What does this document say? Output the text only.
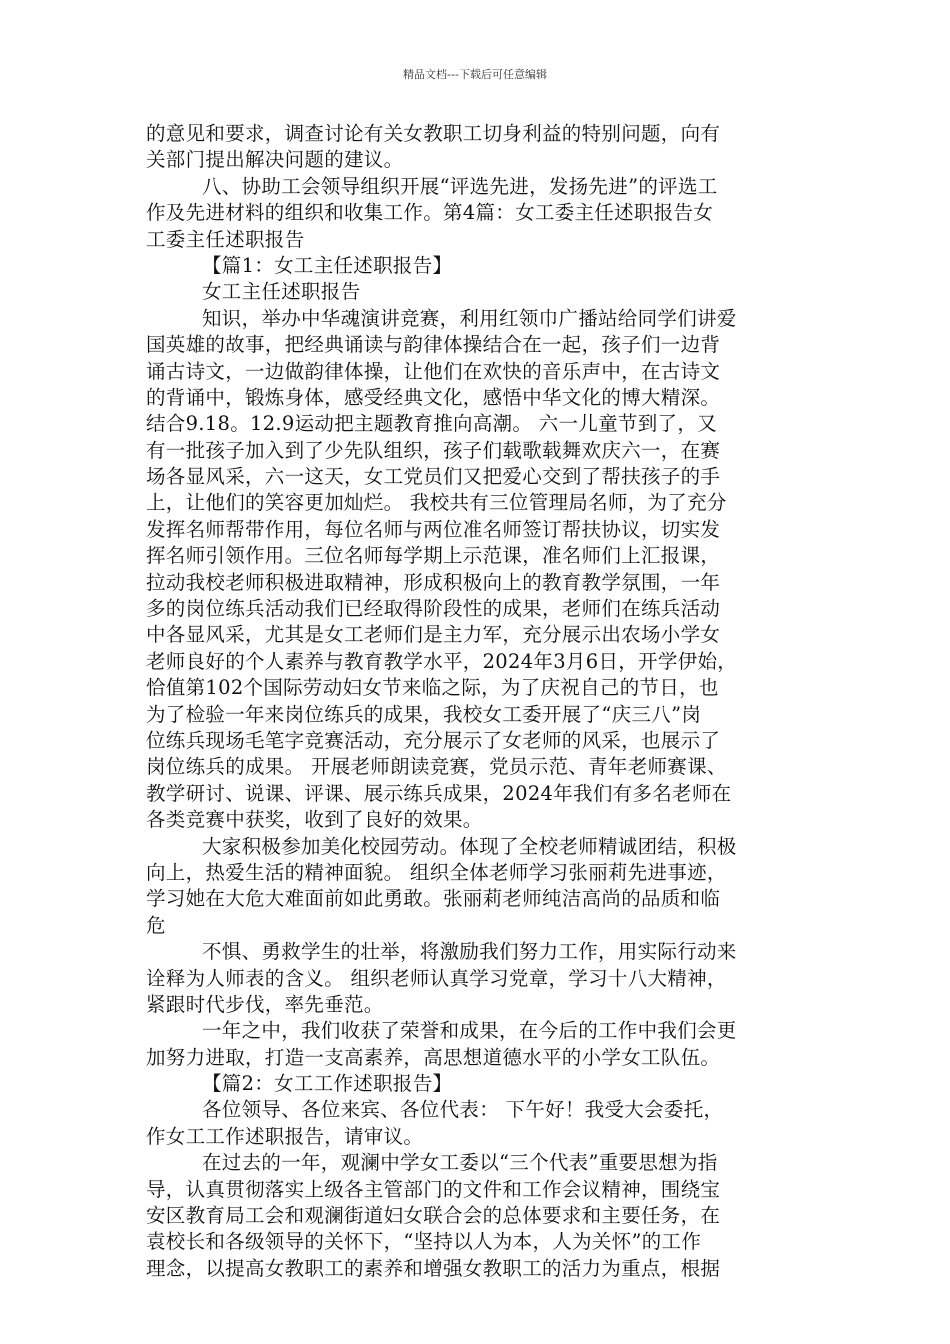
精品文档---下载后可任意编辑
的意见和要求，调查讨论有关女教职工切身利益的特别问题，向有
关部门提出解决问题的建议。
八、协助工会领导组织开展“评选先进，发扬先进”的评选工
作及先进材料的组织和收集工作。第4篇：女工委主任述职报告女
工委主任述职报告
【篇1：女工主任述职报告】
女工主任述职报告
知识，举办中华魂演讲竞赛，利用红领巾广播站给同学们讲爱
国英雄的故事，把经典诵读与韵律体操结合在一起，孩子们一边背
诵古诗文，一边做韵律体操，让他们在欢快的音乐声中，在古诗文
的背诵中，锻炼身体，感受经典文化，感悟中华文化的博大精深。
结合9.18。12.9运动把主题教育推向高潮。 六一儿童节到了，又
有一批孩子加入到了少先队组织，孩子们载歌载舞欢庆六一，在赛
场各显风采，六一这天，女工党员们又把爱心交到了帮扶孩子的手
上，让他们的笑容更加灿烂。 我校共有三位管理局名师，为了充分
发挥名师帮带作用，每位名师与两位准名师签订帮扶协议，切实发
挥名师引领作用。三位名师每学期上示范课，准名师们上汇报课，
拉动我校老师积极进取精神，形成积极向上的教育教学氛围，一年
多的岗位练兵活动我们已经取得阶段性的成果，老师们在练兵活动
中各显风采，尤其是女工老师们是主力军，充分展示出农场小学女
老师良好的个人素养与教育教学水平，2024年3月6日，开学伊始，
恰值第102个国际劳动妇女节来临之际，为了庆祝自己的节日，也
为了检验一年来岗位练兵的成果，我校女工委开展了“庆三八”岗
位练兵现场毛笔字竞赛活动，充分展示了女老师的风采，也展示了
岗位练兵的成果。 开展老师朗读竞赛，党员示范、青年老师赛课、
教学研讨、说课、评课、展示练兵成果，2024年我们有多名老师在
各类竞赛中获奖，收到了良好的效果。
大家积极参加美化校园劳动。体现了全校老师精诚团结，积极
向上，热爱生活的精神面貌。 组织全体老师学习张丽莉先进事迹，
学习她在大危大难面前如此勇敢。张丽莉老师纯洁高尚的品质和临
危
不惧、勇救学生的壮举，将激励我们努力工作，用实际行动来
诠释为人师表的含义。 组织老师认真学习党章，学习十八大精神，
紧跟时代步伐，率先垂范。
一年之中，我们收获了荣誉和成果，在今后的工作中我们会更
加努力进取，打造一支高素养，高思想道德水平的小学女工队伍。
【篇2：女工工作述职报告】
各位领导、各位来宾、各位代表： 下午好！我受大会委托，
作女工工作述职报告，请审议。
在过去的一年，观澜中学女工委以“三个代表”重要思想为指
导，认真贯彻落实上级各主管部门的文件和工作会议精神，围绕宝
安区教育局工会和观澜街道妇女联合会的总体要求和主要任务，在
袁校长和各级领导的关怀下，“坚持以人为本，人为关怀”的工作
理念，以提高女教职工的素养和增强女教职工的活力为重点，根据
